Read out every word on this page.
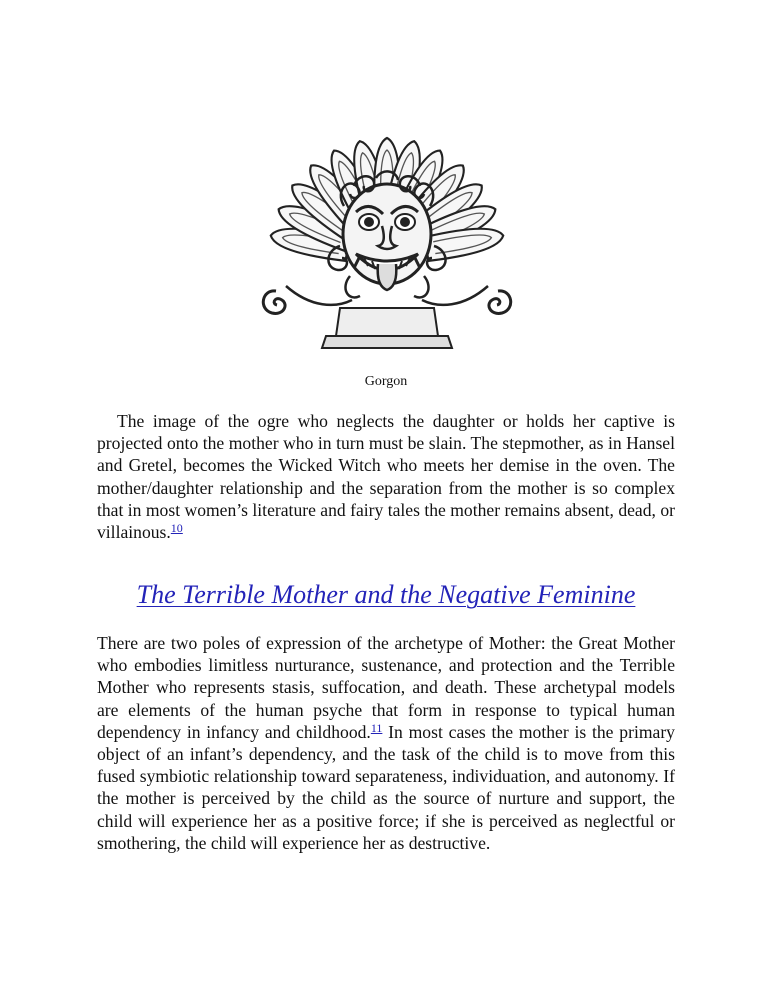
Gorgon

The image of the ogre who neglects the daughter or holds her captive is projected onto the mother who in turn must be slain. The stepmother, as in Hansel and Gretel, becomes the Wicked Witch who meets her demise in the oven. The mother/daughter relationship and the separation from the mother is so complex that in most women’s literature and fairy tales the mother remains absent, dead, or villainous.$^{10}$

The Terrible Mother and the Negative Feminine

There are two poles of expression of the archetype of Mother: the Great Mother who embodies limitless nurturance, sustenance, and protection and the Terrible Mother who represents stasis, suffocation, and death. These archetypal models are elements of the human psyche that form in response to typical human dependency in infancy and childhood.$^{11}$ In most cases the mother is the primary object of an infant’s dependency, and the task of the child is to move from this fused symbiotic relationship toward separateness, individuation, and autonomy. If the mother is perceived by the child as the source of nurture and support, the child will experience her as a positive force; if she is perceived as neglectful or smothering, the child will experience her as destructive.
